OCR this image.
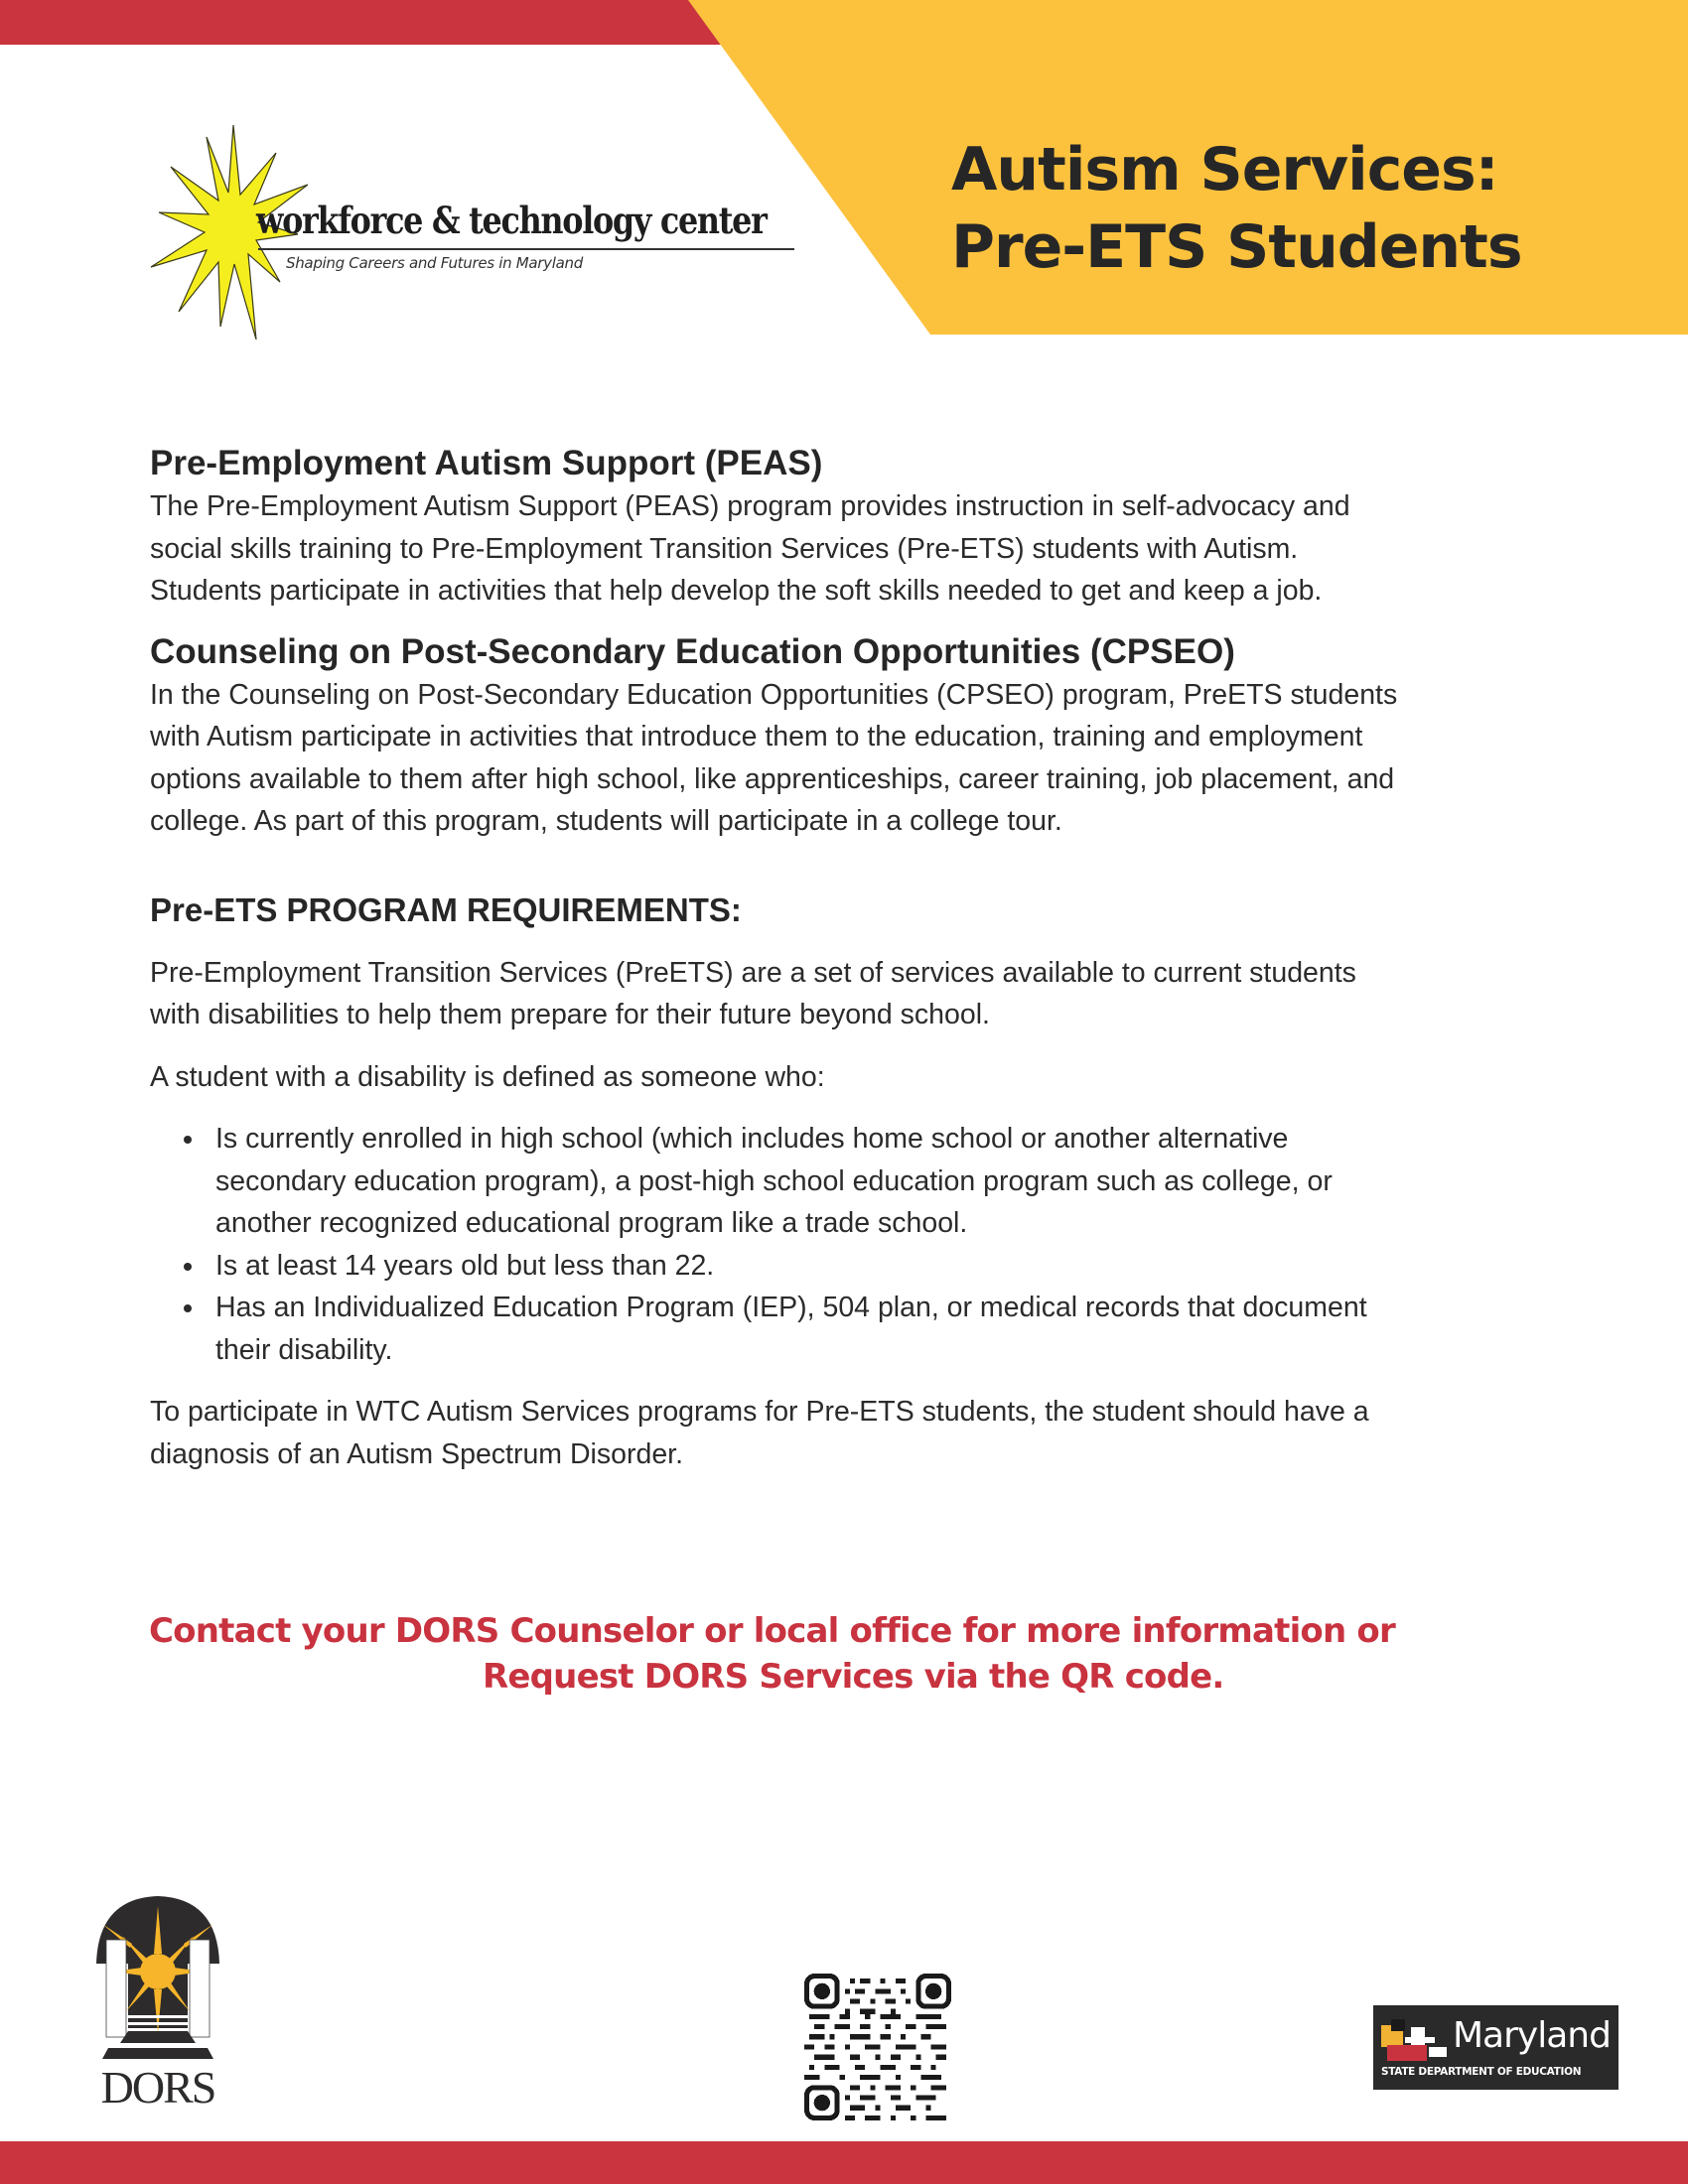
workforce & technology center
Shaping Careers and Futures in Maryland
Autism Services:
Pre-ETS Students
Pre-Employment Autism Support (PEAS)

The Pre-Employment Autism Support (PEAS) program provides instruction in self-advocacy and
social skills training to Pre-Employment Transition Services (Pre-ETS) students with Autism.
Students participate in activities that help develop the soft skills needed to get and keep a job.

Counseling on Post-Secondary Education Opportunities (CPSEO)

In the Counseling on Post-Secondary Education Opportunities (CPSEO) program, PreETS students
with Autism participate in activities that introduce them to the education, training and employment
options available to them after high school, like apprenticeships, career training, job placement, and
college. As part of this program, students will participate in a college tour.

Pre-ETS PROGRAM REQUIREMENTS:

Pre-Employment Transition Services (PreETS) are a set of services available to current students
with disabilities to help them prepare for their future beyond school.

A student with a disability is defined as someone who:

Is currently enrolled in high school (which includes home school or another alternative
secondary education program), a post-high school education program such as college, or
another recognized educational program like a trade school.
Is at least 14 years old but less than 22.
Has an Individualized Education Program (IEP), 504 plan, or medical records that document
their disability.

To participate in WTC Autism Services programs for Pre-ETS students, the student should have a
diagnosis of an Autism Spectrum Disorder.

Contact your DORS Counselor or local office for more information or
Request DORS Services via the QR code.
DORS
Maryland
STATE DEPARTMENT OF EDUCATION
